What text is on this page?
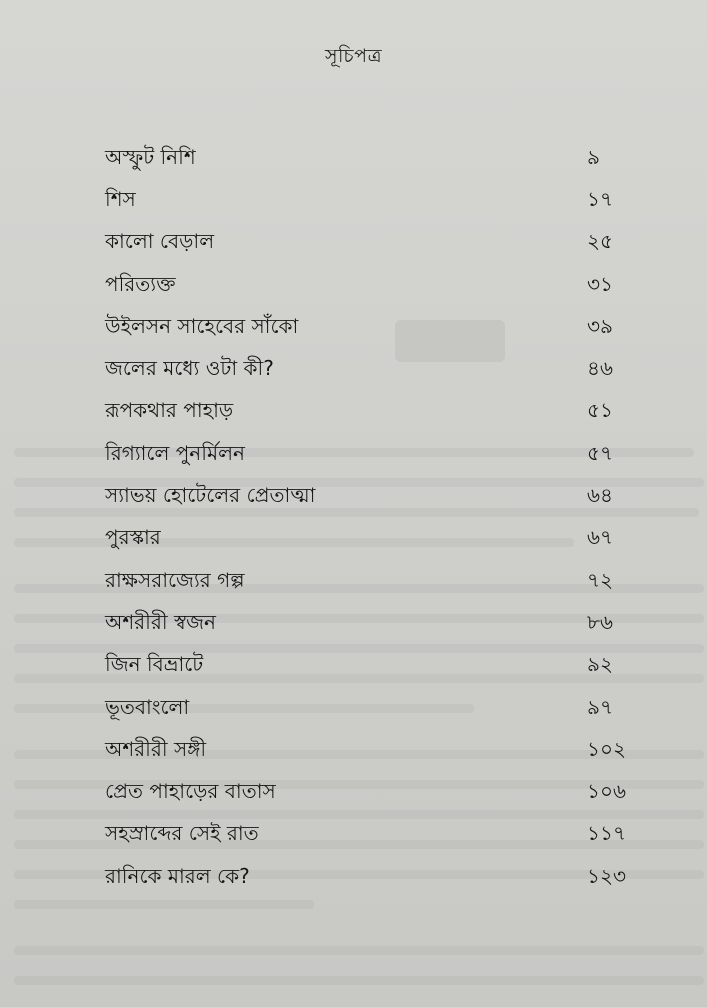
সূচিপত্র
অস্ফুট নিশি	৯
শিস	১৭
কালো বেড়াল	২৫
পরিত্যক্ত	৩১
উইলসন সাহেবের সাঁকো	৩৯
জলের মধ্যে ওটা কী?	৪৬
রূপকথার পাহাড়	৫১
রিগ্যালে পুনর্মিলন	৫৭
স্যাভয় হোটেলের প্রেতাত্মা	৬৪
পুরস্কার	৬৭
রাক্ষসরাজ্যের গল্প	৭২
অশরীরী স্বজন	৮৬
জিন বিভ্রাটে	৯২
ভূতবাংলো	৯৭
অশরীরী সঙ্গী	১০২
প্রেত পাহাড়ের বাতাস	১০৬
সহস্রাব্দের সেই রাত	১১৭
রানিকে মারল কে?	১২৩
